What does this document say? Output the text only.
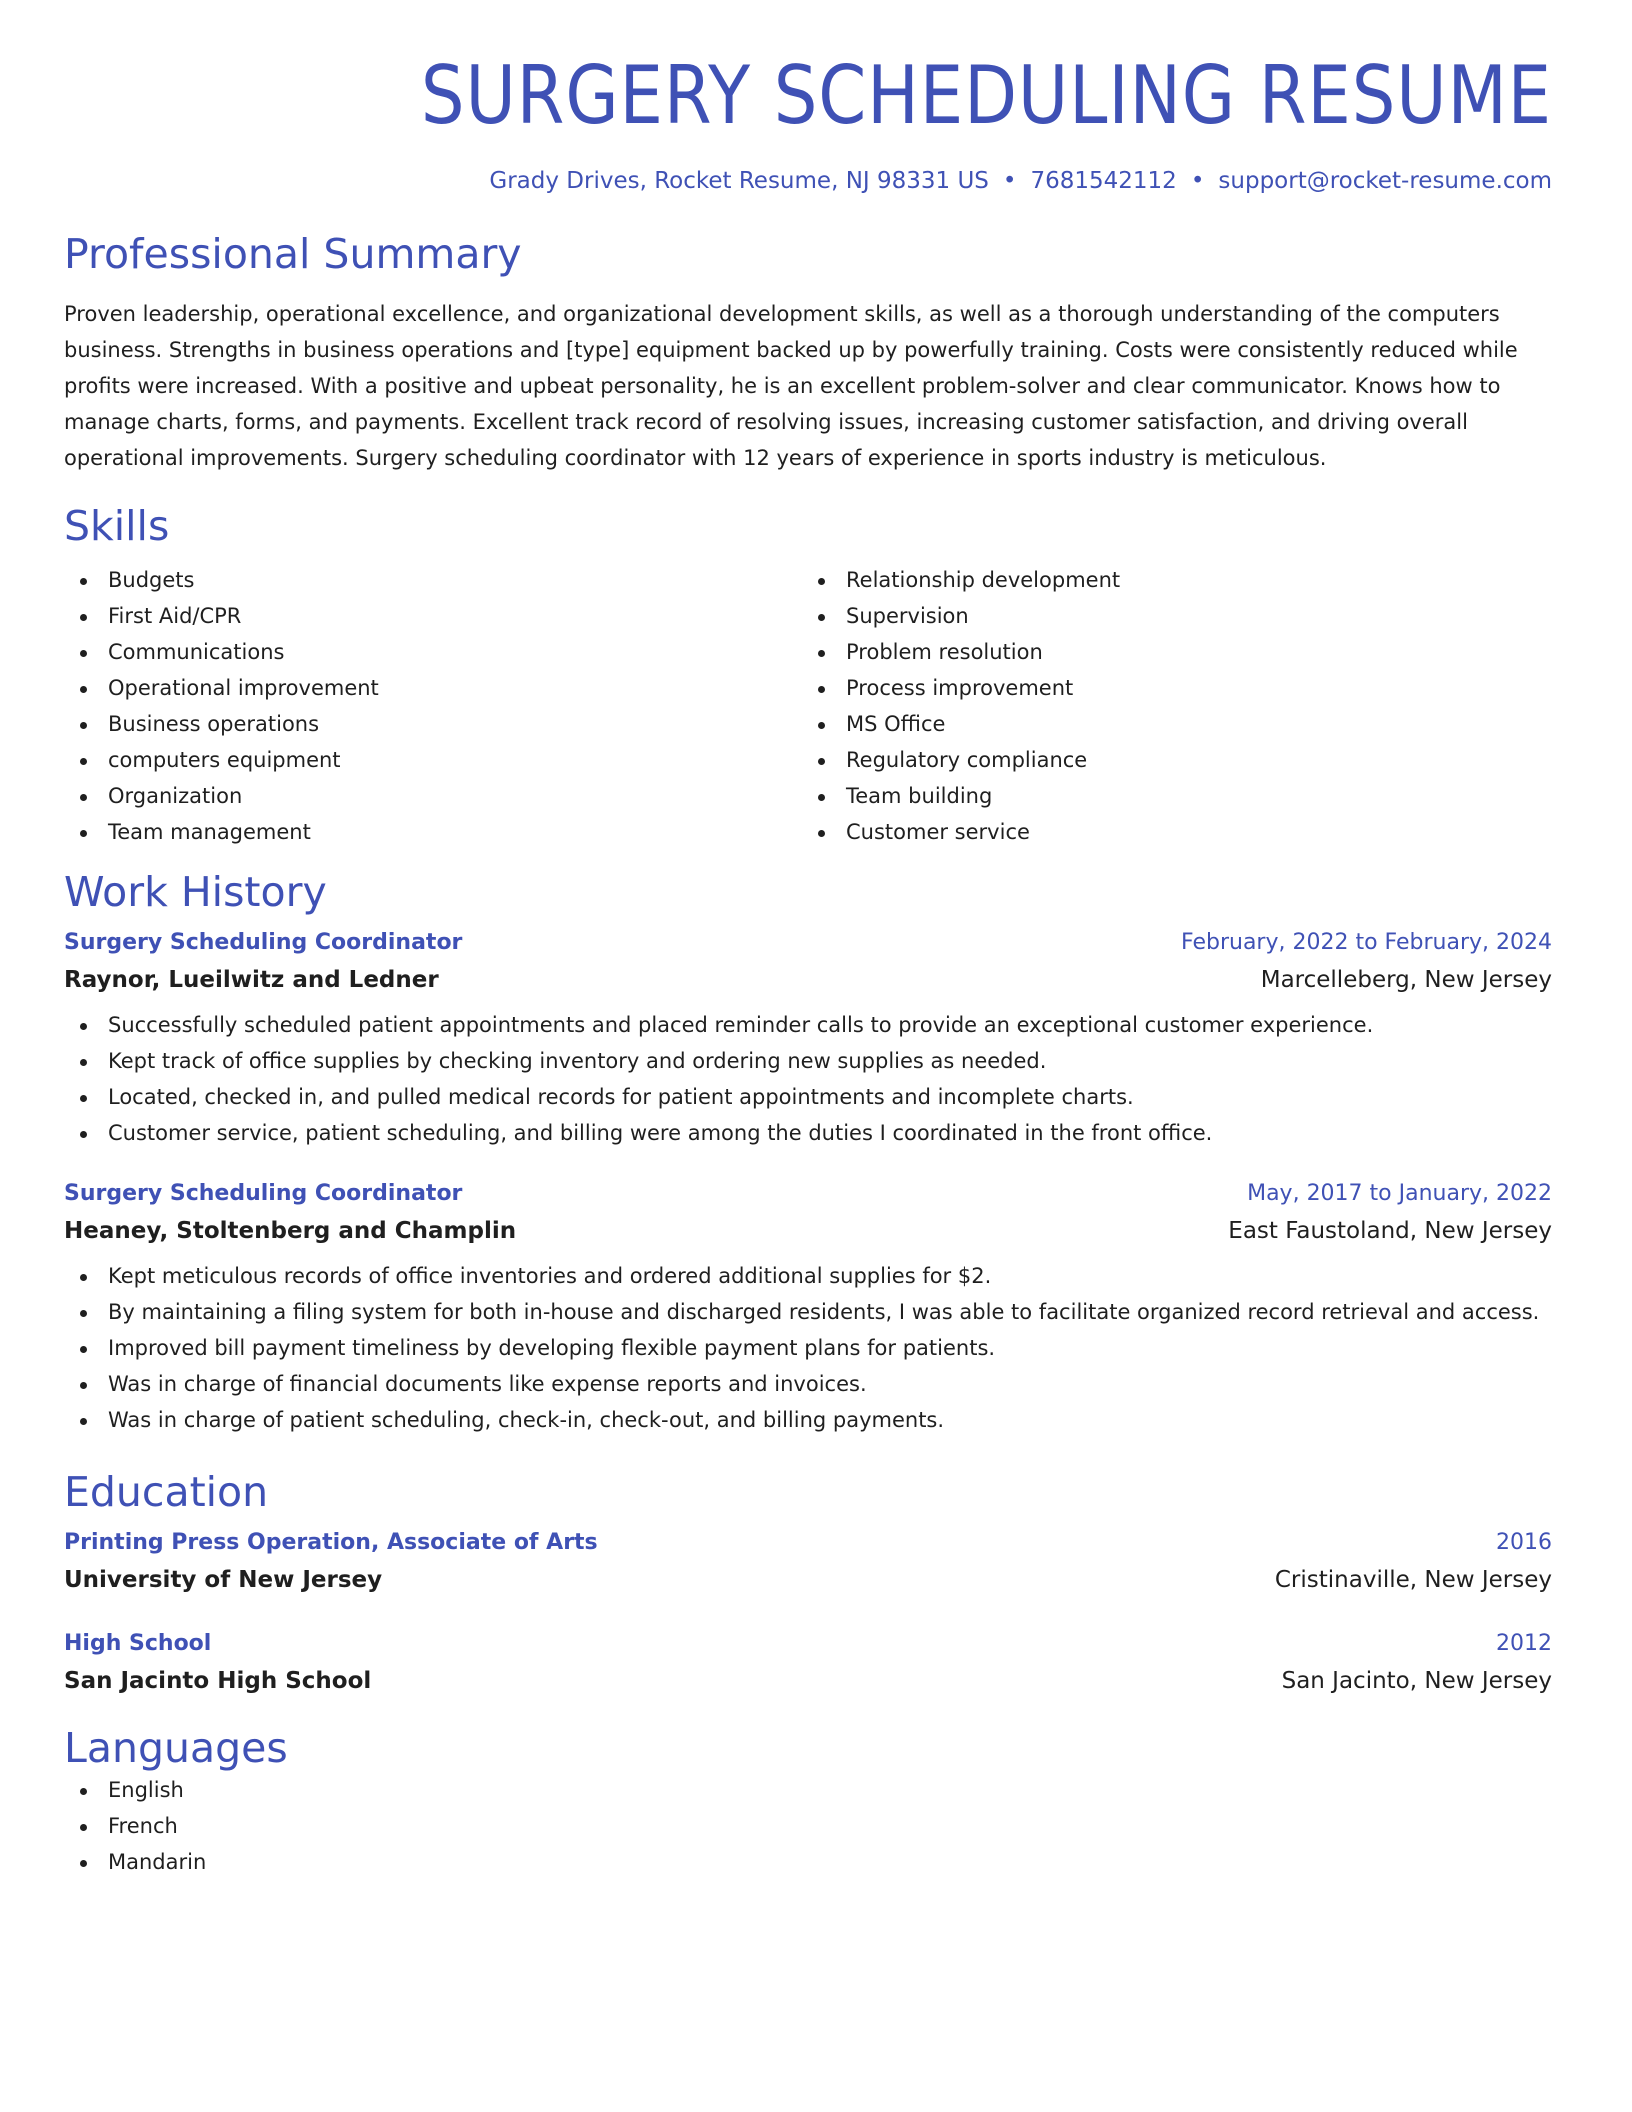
SURGERY SCHEDULING RESUME
Grady Drives, Rocket Resume, NJ 98331 US • 7681542112 • support@rocket-resume.com
Professional Summary
Proven leadership, operational excellence, and organizational development skills, as well as a thorough understanding of the computers business. Strengths in business operations and [type] equipment backed up by powerfully training. Costs were consistently reduced while profits were increased. With a positive and upbeat personality, he is an excellent problem-solver and clear communicator. Knows how to manage charts, forms, and payments. Excellent track record of resolving issues, increasing customer satisfaction, and driving overall operational improvements. Surgery scheduling coordinator with 12 years of experience in sports industry is meticulous.
Skills
Budgets
First Aid/CPR
Communications
Operational improvement
Business operations
computers equipment
Organization
Team management
Relationship development
Supervision
Problem resolution
Process improvement
MS Office
Regulatory compliance
Team building
Customer service
Work History
Surgery Scheduling Coordinator	February, 2022 to February, 2024
Raynor, Lueilwitz and Ledner	Marcelleberg, New Jersey
Successfully scheduled patient appointments and placed reminder calls to provide an exceptional customer experience.
Kept track of office supplies by checking inventory and ordering new supplies as needed.
Located, checked in, and pulled medical records for patient appointments and incomplete charts.
Customer service, patient scheduling, and billing were among the duties I coordinated in the front office.
Surgery Scheduling Coordinator	May, 2017 to January, 2022
Heaney, Stoltenberg and Champlin	East Faustoland, New Jersey
Kept meticulous records of office inventories and ordered additional supplies for $2.
By maintaining a filing system for both in-house and discharged residents, I was able to facilitate organized record retrieval and access.
Improved bill payment timeliness by developing flexible payment plans for patients.
Was in charge of financial documents like expense reports and invoices.
Was in charge of patient scheduling, check-in, check-out, and billing payments.
Education
Printing Press Operation, Associate of Arts	2016
University of New Jersey	Cristinaville, New Jersey
High School	2012
San Jacinto High School	San Jacinto, New Jersey
Languages
English
French
Mandarin
